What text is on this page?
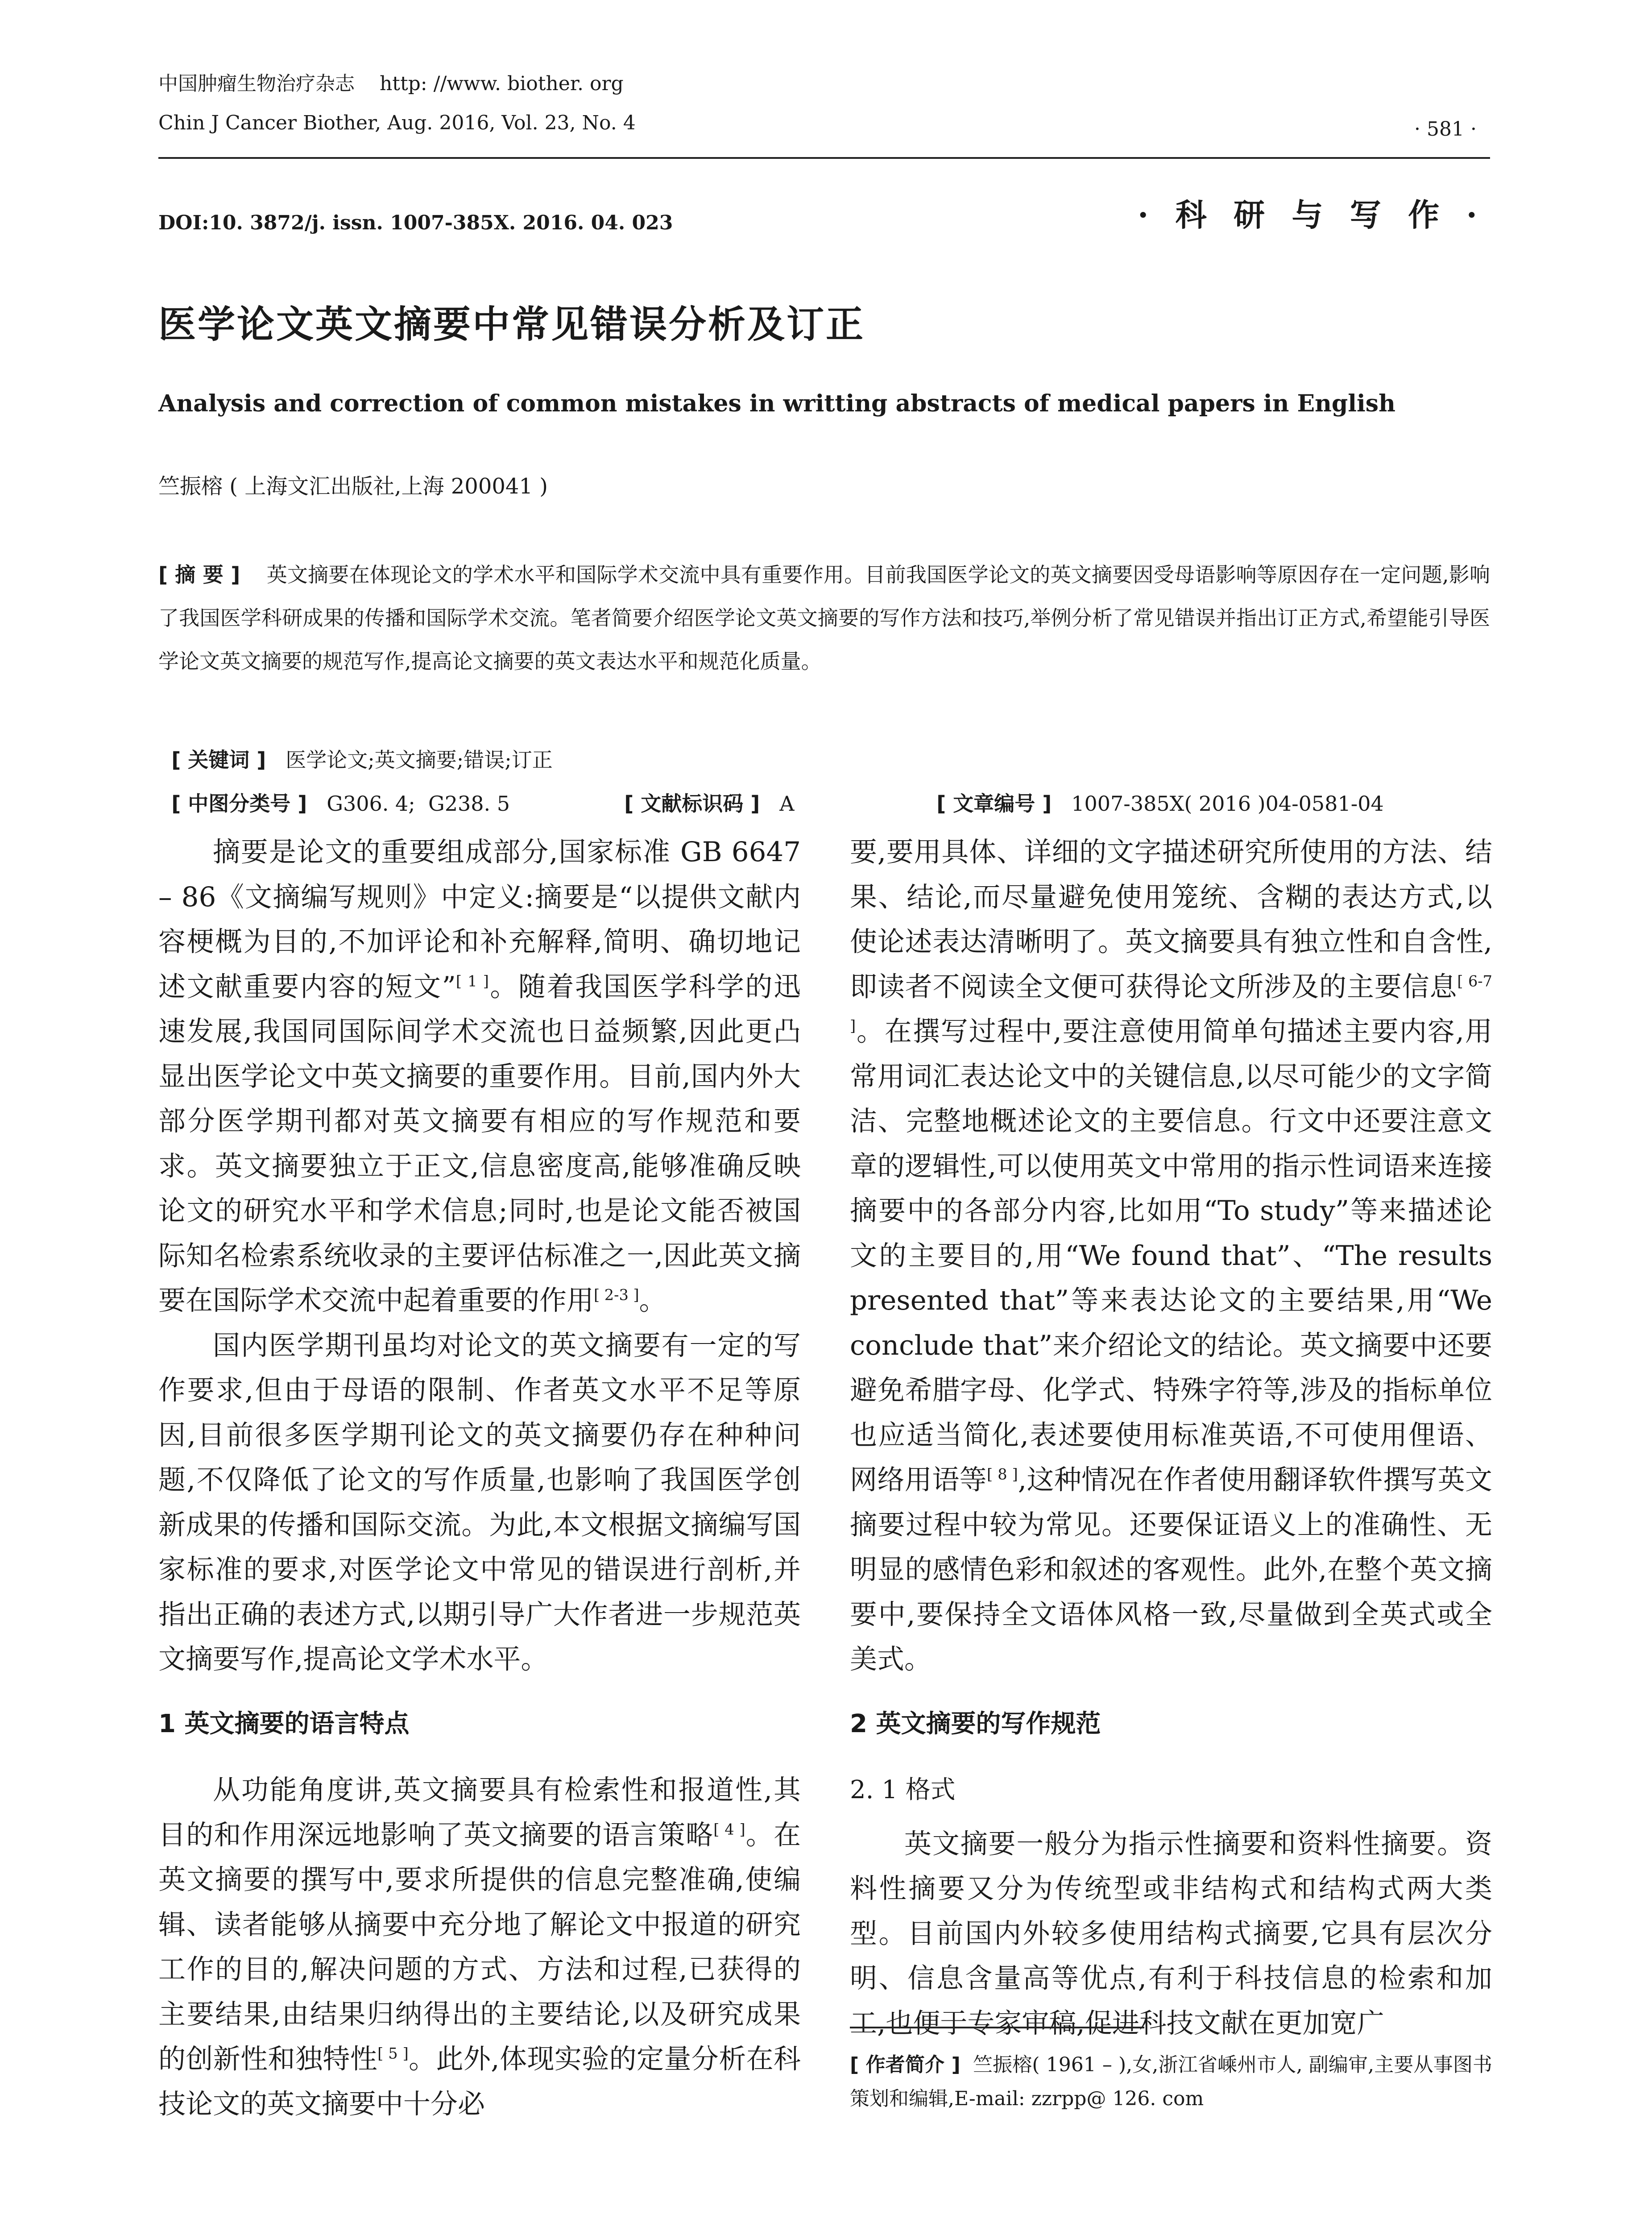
中国肿瘤生物治疗杂志    http: //www. biother. org
Chin J Cancer Biother, Aug. 2016, Vol. 23, No. 4	· 581 ·
DOI:10. 3872/j. issn. 1007-385X. 2016. 04. 023	· 科 研 与 写 作 ·
医学论文英文摘要中常见错误分析及订正
Analysis and correction of common mistakes in writting abstracts of medical papers in English
竺振榕 ( 上海文汇出版社,上海 200041 )
[ 摘 要 ] 英文摘要在体现论文的学术水平和国际学术交流中具有重要作用。目前我国医学论文的英文摘要因受母语影响等原因存在一定问题,影响了我国医学科研成果的传播和国际学术交流。笔者简要介绍医学论文英文摘要的写作方法和技巧,举例分析了常见错误并指出订正方式,希望能引导医学论文英文摘要的规范写作,提高论文摘要的英文表达水平和规范化质量。

[ 关键词 ] 医学论文;英文摘要;错误;订正

[ 中图分类号 ] G306. 4;  G238. 5	[ 文献标识码 ] A	[ 文章编号 ] 1007-385X( 2016 )04-0581-04

摘要是论文的重要组成部分,国家标准 GB 6647 – 86《文摘编写规则》中定义:摘要是“以提供文献内容梗概为目的,不加评论和补充解释,简明、确切地记述文献重要内容的短文”[ 1 ]。随着我国医学科学的迅速发展,我国同国际间学术交流也日益频繁,因此更凸显出医学论文中英文摘要的重要作用。目前,国内外大部分医学期刊都对英文摘要有相应的写作规范和要求。英文摘要独立于正文,信息密度高,能够准确反映论文的研究水平和学术信息;同时,也是论文能否被国际知名检索系统收录的主要评估标准之一,因此英文摘要在国际学术交流中起着重要的作用[ 2-3 ]。

国内医学期刊虽均对论文的英文摘要有一定的写作要求,但由于母语的限制、作者英文水平不足等原因,目前很多医学期刊论文的英文摘要仍存在种种问题,不仅降低了论文的写作质量,也影响了我国医学创新成果的传播和国际交流。为此,本文根据文摘编写国家标准的要求,对医学论文中常见的错误进行剖析,并指出正确的表述方式,以期引导广大作者进一步规范英文摘要写作,提高论文学术水平。

1 英文摘要的语言特点

从功能角度讲,英文摘要具有检索性和报道性,其目的和作用深远地影响了英文摘要的语言策略[ 4 ]。在英文摘要的撰写中,要求所提供的信息完整准确,使编辑、读者能够从摘要中充分地了解论文中报道的研究工作的目的,解决问题的方式、方法和过程,已获得的主要结果,由结果归纳得出的主要结论,以及研究成果的创新性和独特性[ 5 ]。此外,体现实验的定量分析在科技论文的英文摘要中十分必

要,要用具体、详细的文字描述研究所使用的方法、结果、结论,而尽量避免使用笼统、含糊的表达方式,以使论述表达清晰明了。英文摘要具有独立性和自含性,即读者不阅读全文便可获得论文所涉及的主要信息[ 6-7 ]。在撰写过程中,要注意使用简单句描述主要内容,用常用词汇表达论文中的关键信息,以尽可能少的文字简洁、完整地概述论文的主要信息。行文中还要注意文章的逻辑性,可以使用英文中常用的指示性词语来连接摘要中的各部分内容,比如用“To study”等来描述论文的主要目的,用“We found that”、“The results presented that”等来表达论文的主要结果,用“We conclude that”来介绍论文的结论。英文摘要中还要避免希腊字母、化学式、特殊字符等,涉及的指标单位也应适当简化,表述要使用标准英语,不可使用俚语、网络用语等[ 8 ],这种情况在作者使用翻译软件撰写英文摘要过程中较为常见。还要保证语义上的准确性、无明显的感情色彩和叙述的客观性。此外,在整个英文摘要中,要保持全文语体风格一致,尽量做到全英式或全美式。

2 英文摘要的写作规范
2. 1 格式

英文摘要一般分为指示性摘要和资料性摘要。资料性摘要又分为传统型或非结构式和结构式两大类型。目前国内外较多使用结构式摘要,它具有层次分明、信息含量高等优点,有利于科技信息的检索和加工,也便于专家审稿,促进科技文献在更加宽广

[ 作者简介 ] 竺振榕( 1961 – ),女,浙江省嵊州市人, 副编审,主要从事图书策划和编辑,E-mail: zzrpp@ 126. com
